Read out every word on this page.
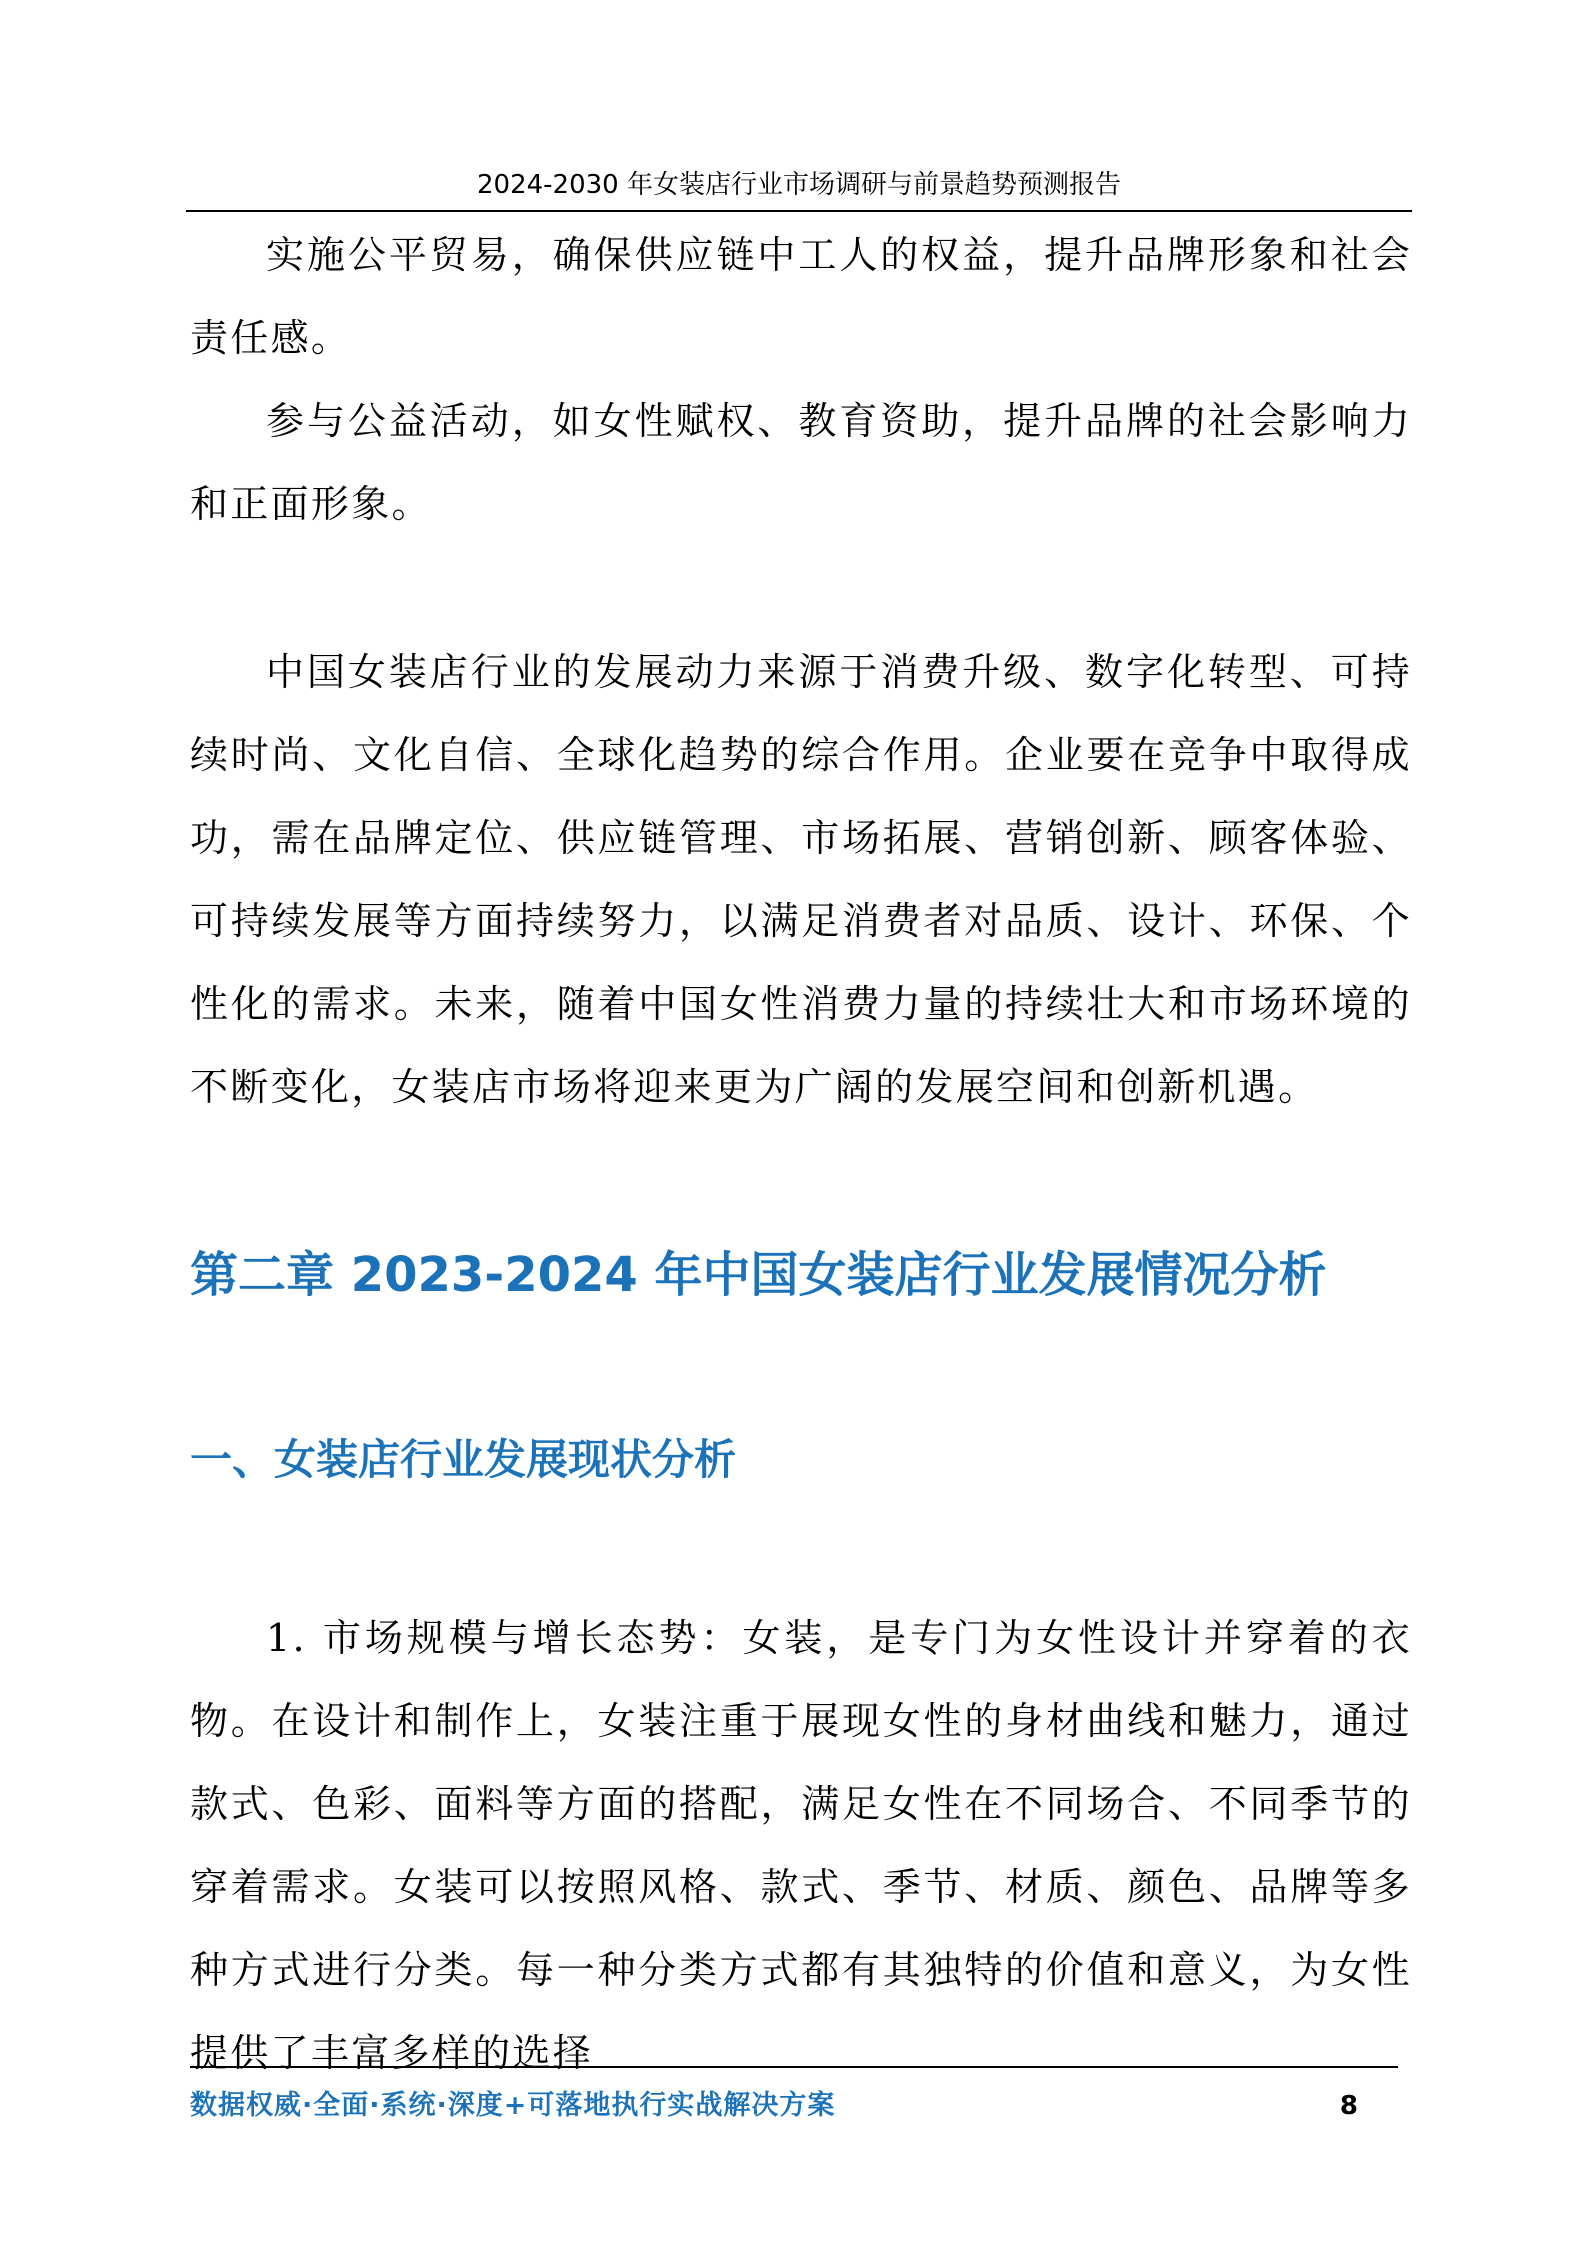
2024-2030 年女装店行业市场调研与前景趋势预测报告

实施公平贸易，确保供应链中工人的权益，提升品牌形象和社会责任感。

参与公益活动，如女性赋权、教育资助，提升品牌的社会影响力和正面形象。

中国女装店行业的发展动力来源于消费升级、数字化转型、可持续时尚、文化自信、全球化趋势的综合作用。企业要在竞争中取得成功，需在品牌定位、供应链管理、市场拓展、营销创新、顾客体验、可持续发展等方面持续努力，以满足消费者对品质、设计、环保、个性化的需求。未来，随着中国女性消费力量的持续壮大和市场环境的不断变化，女装店市场将迎来更为广阔的发展空间和创新机遇。

第二章 2023-2024 年中国女装店行业发展情况分析
一、女装店行业发展现状分析

1. 市场规模与增长态势：女装，是专门为女性设计并穿着的衣物。在设计和制作上，女装注重于展现女性的身材曲线和魅力，通过款式、色彩、面料等方面的搭配，满足女性在不同场合、不同季节的穿着需求。女装可以按照风格、款式、季节、材质、颜色、品牌等多种方式进行分类。每一种分类方式都有其独特的价值和意义，为女性提供了丰富多样的选择

数据权威·全面·系统·深度+可落地执行实战解决方案	8
